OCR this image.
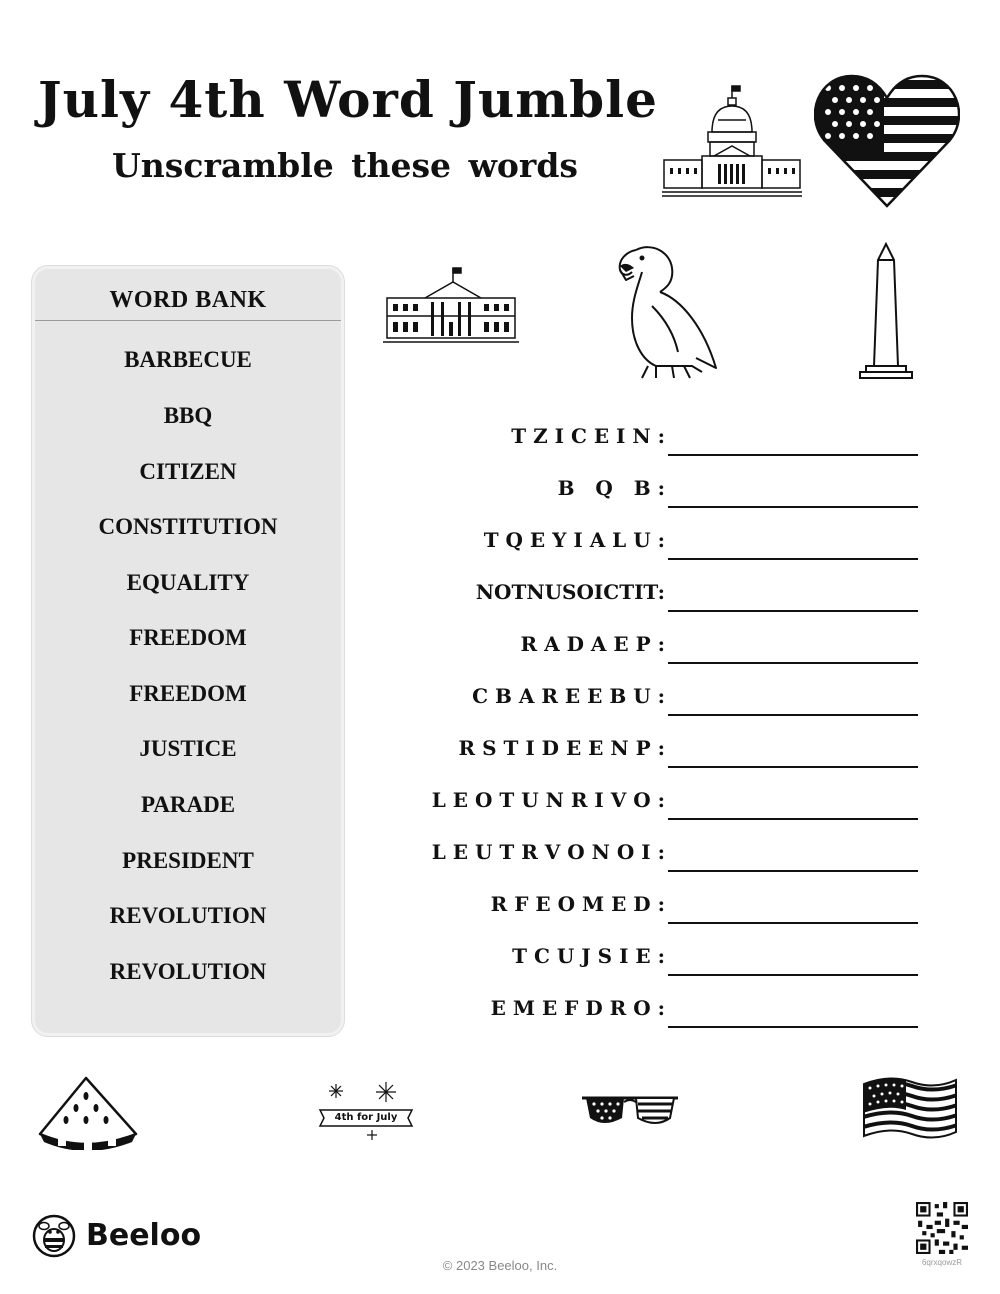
July 4th Word Jumble
Unscramble these words
WORD BANK
BARBECUE
BBQ
CITIZEN
CONSTITUTION
EQUALITY
FREEDOM
FREEDOM
JUSTICE
PARADE
PRESIDENT
REVOLUTION
REVOLUTION
T Z I C E I N :
B   Q   B :
T Q E Y I A L U :
NOTNUSOICTIT:
R A D A E P :
C B A R E E B U :
R S T I D E E N P :
L E O T U N R I V O :
L E U T R V O N O I :
R F E O M E D :
T C U J S I E :
E M E F D R O :
4th for July
Beeloo
© 2023 Beeloo, Inc.	6qrxqowzR
